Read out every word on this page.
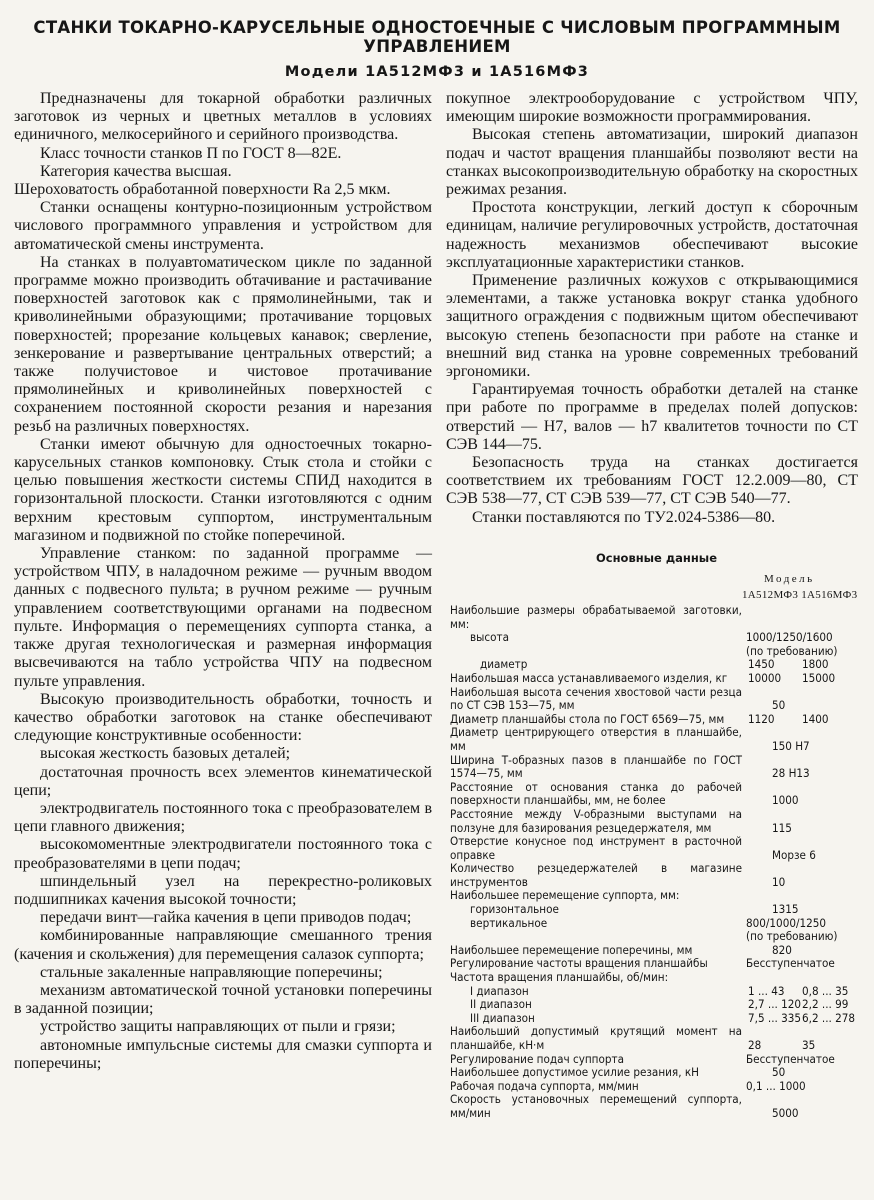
СТАНКИ ТОКАРНО-КАРУСЕЛЬНЫЕ ОДНОСТОЕЧНЫЕ С ЧИСЛОВЫМ ПРОГРАММНЫМ УПРАВЛЕНИЕМ
Модели 1А512МФ3 и 1А516МФ3

Предназначены для токарной обработки различных заготовок из черных и цветных металлов в условиях единичного, мелкосерийного и серийного производства.

Класс точности станков П по ГОСТ 8—82Е.

Категория качества высшая.

Шероховатость обработанной поверхности Ra 2,5 мкм.

Станки оснащены контурно-позиционным устройством числового программного управления и устройством для автоматической смены инструмента.

На станках в полуавтоматическом цикле по заданной программе можно производить обтачивание и растачивание поверхностей заготовок как с прямолинейными, так и криволинейными образующими; протачивание торцовых поверхностей; прорезание кольцевых канавок; сверление, зенкерование и развертывание центральных отверстий; а также получистовое и чистовое протачивание прямолинейных и криволинейных поверхностей с сохранением постоянной скорости резания и нарезания резьб на различных поверхностях.

Станки имеют обычную для одностоечных токарно-карусельных станков компоновку. Стык стола и стойки с целью повышения жесткости системы СПИД находится в горизонтальной плоскости. Станки изготовляются с одним верхним крестовым суппортом, инструментальным магазином и подвижной по стойке поперечиной.

Управление станком: по заданной программе — устройством ЧПУ, в наладочном режиме — ручным вводом данных с подвесного пульта; в ручном режиме — ручным управлением соответствующими органами на подвесном пульте. Информация о перемещениях суппорта станка, а также другая технологическая и размерная информация высвечиваются на табло устройства ЧПУ на подвесном пульте управления.

Высокую производительность обработки, точность и качество обработки заготовок на станке обеспечивают следующие конструктивные особенности:

высокая жесткость базовых деталей;

достаточная прочность всех элементов кинематической цепи;

электродвигатель постоянного тока с преобразователем в цепи главного движения;

высокомоментные электродвигатели постоянного тока с преобразователями в цепи подач;

шпиндельный узел на перекрестно-роликовых подшипниках качения высокой точности;

передачи винт—гайка качения в цепи приводов подач;

комбинированные направляющие смешанного трения (качения и скольжения) для перемещения салазок суппорта;

стальные закаленные направляющие поперечины;

механизм автоматической точной установки поперечины в заданной позиции;

устройство защиты направляющих от пыли и грязи;

автономные импульсные системы для смазки суппорта и поперечины;

покупное электрооборудование с устройством ЧПУ, имеющим широкие возможности программирования.

Высокая степень автоматизации, широкий диапазон подач и частот вращения планшайбы позволяют вести на станках высокопроизводительную обработку на скоростных режимах резания.

Простота конструкции, легкий доступ к сборочным единицам, наличие регулировочных устройств, достаточная надежность механизмов обеспечивают высокие эксплуатационные характеристики станков.

Применение различных кожухов с открывающимися элементами, а также установка вокруг станка удобного защитного ограждения с подвижным щитом обеспечивают высокую степень безопасности при работе на станке и внешний вид станка на уровне современных требований эргономики.

Гарантируемая точность обработки деталей на станке при работе по программе в пределах полей допусков: отверстий — H7, валов — h7 квалитетов точности по СТ СЭВ 144—75.

Безопасность труда на станках достигается соответствием их требованиям ГОСТ 12.2.009—80, СТ СЭВ 538—77, СТ СЭВ 539—77, СТ СЭВ 540—77.

Станки поставляются по ТУ2.024-5386—80.

Основные данные
Модель
1А512МФ3 1А516МФ3
Наибольшие размеры обрабатываемой заготовки, мм:
высота	1000/1250/1600

(по требованию)
диаметр	1450 1800
Наибольшая масса устанавливаемого изделия, кг	10000 15000
Наибольшая высота сечения хвостовой части резца по СТ СЭВ 153—75, мм	50
Диаметр планшайбы стола по ГОСТ 6569—75, мм	1120 1400
Диаметр центрирующего отверстия в планшайбе, мм	150 H7
Ширина Т-образных пазов в планшайбе по ГОСТ 1574—75, мм	28 H13
Расстояние от основания станка до рабочей поверхности планшайбы, мм, не более	1000
Расстояние между V-образными выступами на ползуне для базирования резцедержателя, мм	115
Отверстие конусное под инструмент в расточной оправке	Морзе 6
Количество резцедержателей в магазине инструментов	10
Наибольшее перемещение суппорта, мм:
горизонтальное	1315
вертикальное	800/1000/1250

(по требованию)
Наибольшее перемещение поперечины, мм	820
Регулирование частоты вращения планшайбы	Бесступенчатое
Частота вращения планшайбы, об/мин:
I диапазон	1 ... 43 0,8 ... 35
II диапазон	2,7 ... 120 2,2 ... 99
III диапазон	7,5 ... 335 6,2 ... 278
Наибольший допустимый крутящий момент на планшайбе, кН·м	28	35
Регулирование подач суппорта	Бесступенчатое
Наибольшее допустимое усилие резания, кН	50
Рабочая подача суппорта, мм/мин	0,1 ... 1000
Скорость установочных перемещений суппорта, мм/мин	5000
